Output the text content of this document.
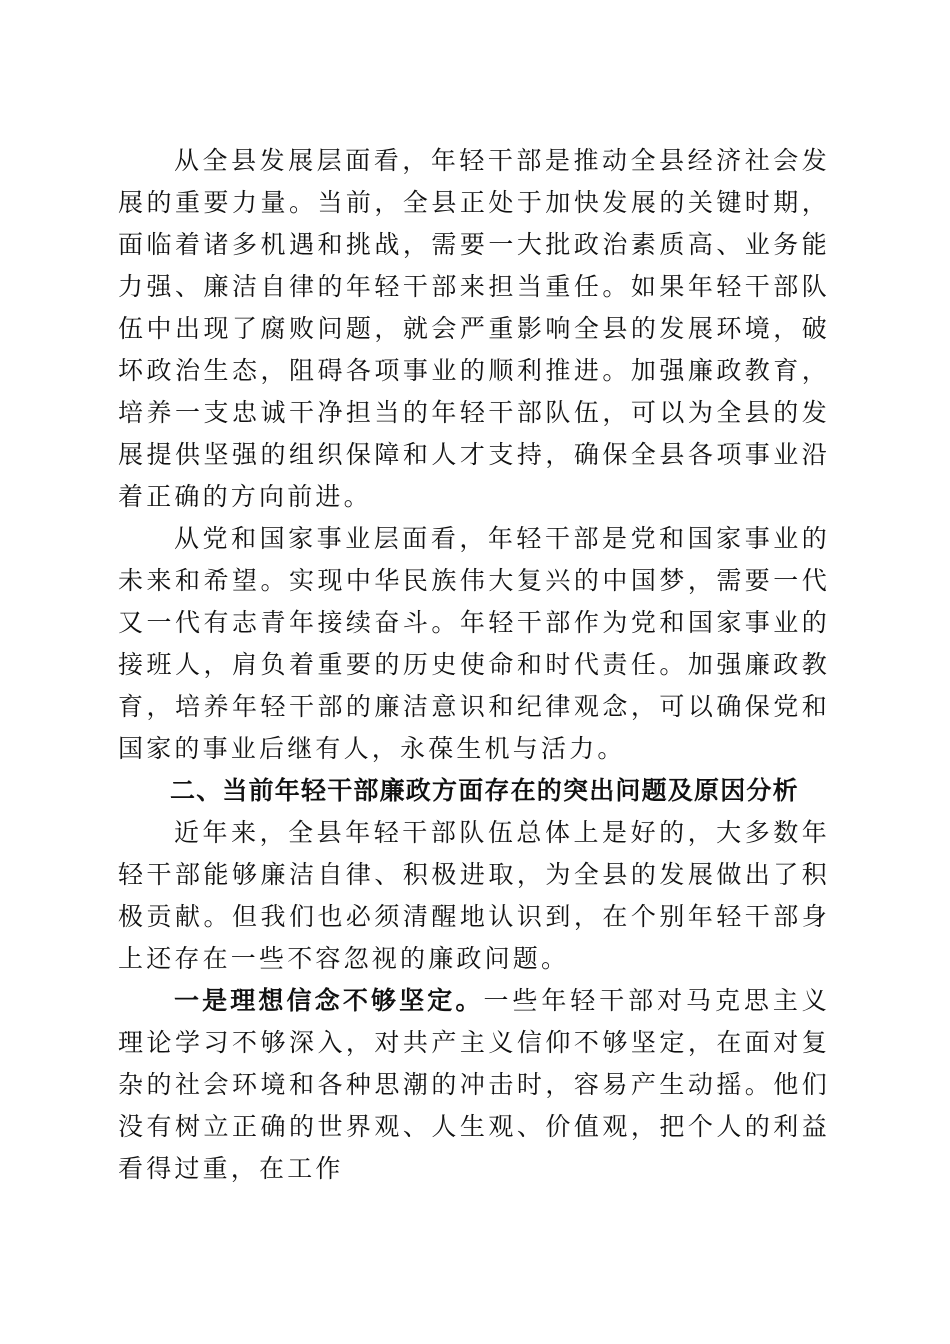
从全县发展层面看，年轻干部是推动全县经济社会发展的重要力量。当前，全县正处于加快发展的关键时期，面临着诸多机遇和挑战，需要一大批政治素质高、业务能力强、廉洁自律的年轻干部来担当重任。如果年轻干部队伍中出现了腐败问题，就会严重影响全县的发展环境，破坏政治生态，阻碍各项事业的顺利推进。加强廉政教育，培养一支忠诚干净担当的年轻干部队伍，可以为全县的发展提供坚强的组织保障和人才支持，确保全县各项事业沿着正确的方向前进。

从党和国家事业层面看，年轻干部是党和国家事业的未来和希望。实现中华民族伟大复兴的中国梦，需要一代又一代有志青年接续奋斗。年轻干部作为党和国家事业的接班人，肩负着重要的历史使命和时代责任。加强廉政教育，培养年轻干部的廉洁意识和纪律观念，可以确保党和国家的事业后继有人，永葆生机与活力。

二、当前年轻干部廉政方面存在的突出问题及原因分析

近年来，全县年轻干部队伍总体上是好的，大多数年轻干部能够廉洁自律、积极进取，为全县的发展做出了积极贡献。但我们也必须清醒地认识到，在个别年轻干部身上还存在一些不容忽视的廉政问题。

一是理想信念不够坚定。一些年轻干部对马克思主义理论学习不够深入，对共产主义信仰不够坚定，在面对复杂的社会环境和各种思潮的冲击时，容易产生动摇。他们没有树立正确的世界观、人生观、价值观，把个人的利益看得过重，在工作
